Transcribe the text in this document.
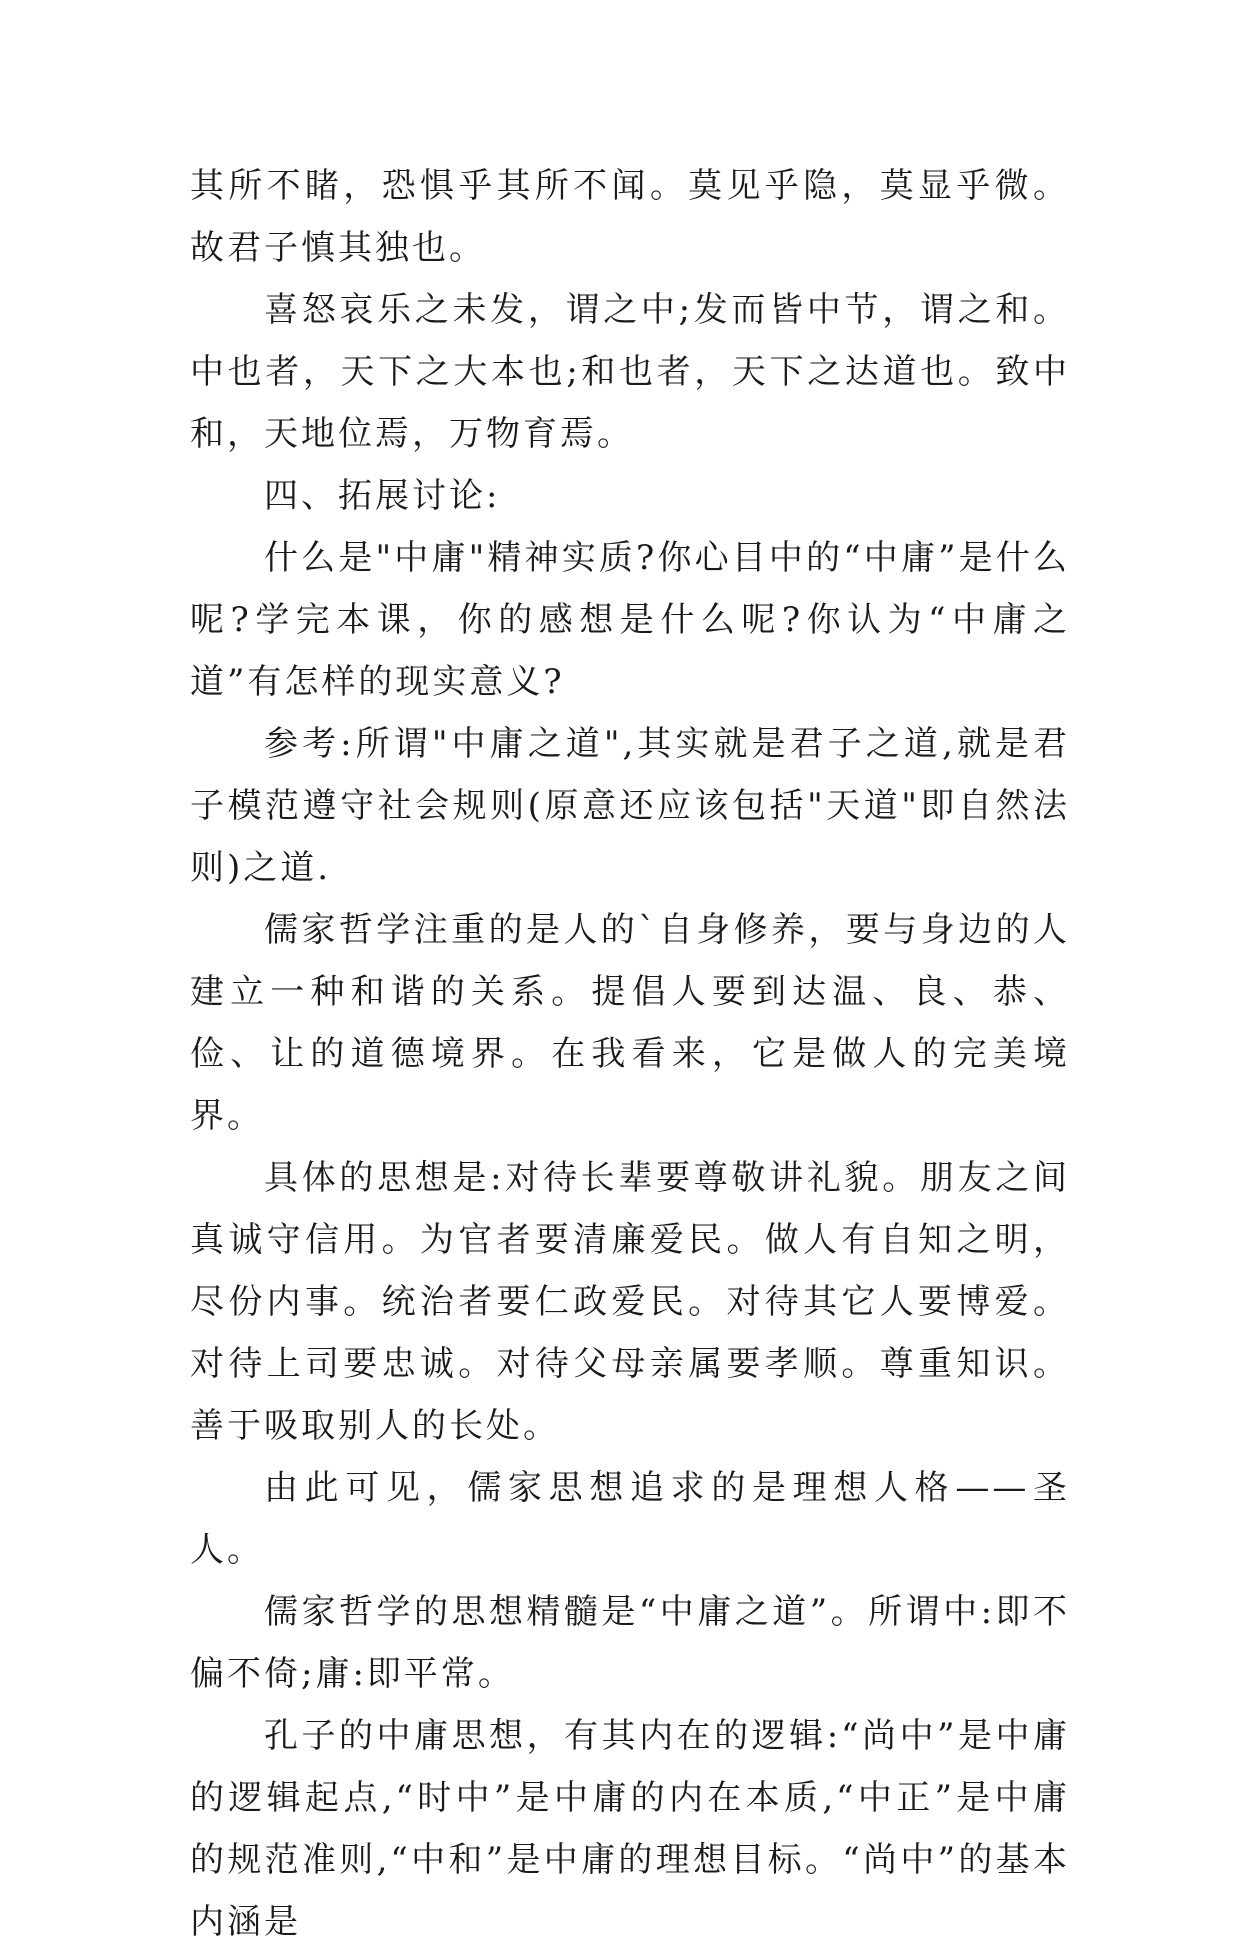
其所不睹，恐惧乎其所不闻。莫见乎隐，莫显乎微。故君子慎其独也。

喜怒哀乐之未发，谓之中;发而皆中节，谓之和。中也者，天下之大本也;和也者，天下之达道也。致中和，天地位焉，万物育焉。

四、拓展讨论:

什么是"中庸"精神实质?你心目中的“中庸”是什么呢?学完本课，你的感想是什么呢?你认为“中庸之道”有怎样的现实意义?

参考:所谓"中庸之道",其实就是君子之道,就是君子模范遵守社会规则(原意还应该包括"天道"即自然法则)之道.

儒家哲学注重的是人的`自身修养，要与身边的人建立一种和谐的关系。提倡人要到达温、良、恭、俭、让的道德境界。在我看来，它是做人的完美境界。

具体的思想是:对待长辈要尊敬讲礼貌。朋友之间真诚守信用。为官者要清廉爱民。做人有自知之明，尽份内事。统治者要仁政爱民。对待其它人要博爱。对待上司要忠诚。对待父母亲属要孝顺。尊重知识。善于吸取别人的长处。

由此可见，儒家思想追求的是理想人格——圣人。

儒家哲学的思想精髓是“中庸之道”。所谓中:即不偏不倚;庸:即平常。

孔子的中庸思想，有其内在的逻辑:“尚中”是中庸的逻辑起点,“时中”是中庸的内在本质,“中正”是中庸的规范准则,“中和”是中庸的理想目标。“尚中”的基本内涵是
